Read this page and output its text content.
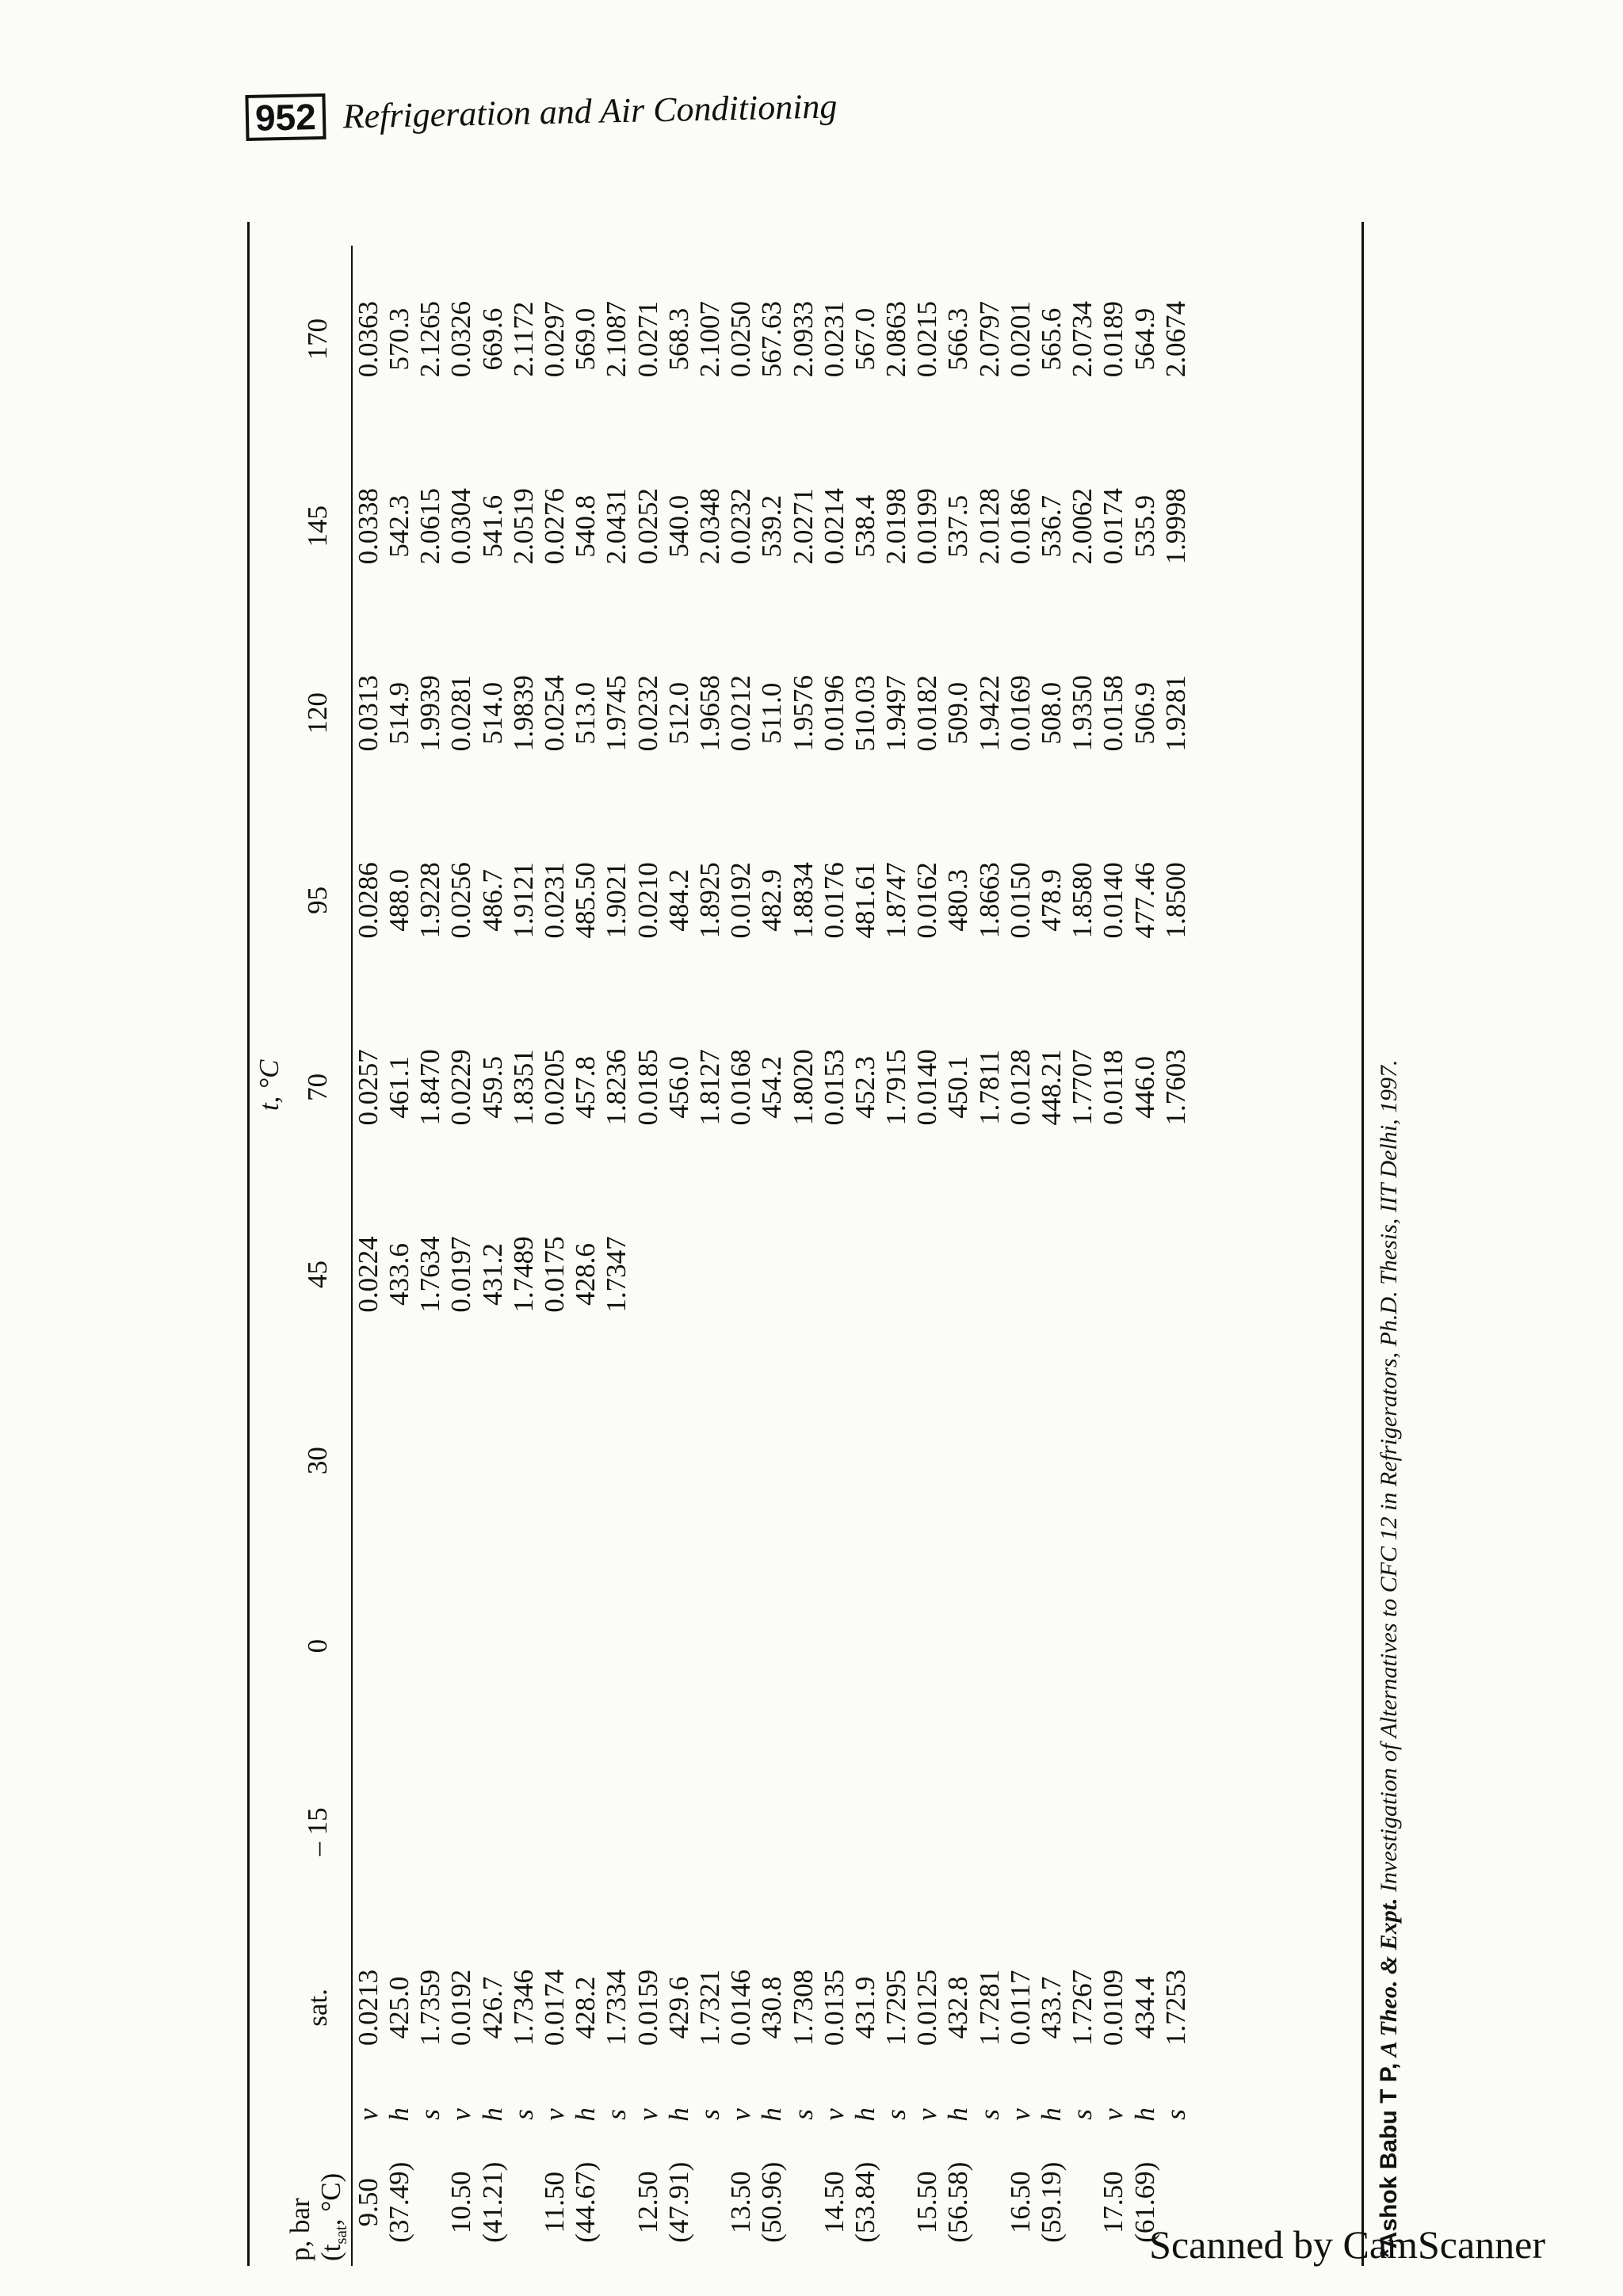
952 Refrigeration and Air Conditioning
			t, °C								
p, bar
($t_{sat}$, °C)		sat.	– 15	0	30	45	70	95	120	145	170
9.50	v	0.0213				0.0224	0.0257	0.0286	0.0313	0.0338	0.0363
(37.49)	h	425.0				433.6	461.1	488.0	514.9	542.3	570.3
	s	1.7359				1.7634	1.8470	1.9228	1.9939	2.0615	2.1265
10.50	v	0.0192				0.0197	0.0229	0.0256	0.0281	0.0304	0.0326
(41.21)	h	426.7				431.2	459.5	486.7	514.0	541.6	669.6
	s	1.7346				1.7489	1.8351	1.9121	1.9839	2.0519	2.1172
11.50	v	0.0174				0.0175	0.0205	0.0231	0.0254	0.0276	0.0297
(44.67)	h	428.2				428.6	457.8	485.50	513.0	540.8	569.0
	s	1.7334				1.7347	1.8236	1.9021	1.9745	2.0431	2.1087
12.50	v	0.0159					0.0185	0.0210	0.0232	0.0252	0.0271
(47.91)	h	429.6					456.0	484.2	512.0	540.0	568.3
	s	1.7321					1.8127	1.8925	1.9658	2.0348	2.1007
13.50	v	0.0146					0.0168	0.0192	0.0212	0.0232	0.0250
(50.96)	h	430.8					454.2	482.9	511.0	539.2	567.63
	s	1.7308					1.8020	1.8834	1.9576	2.0271	2.0933
14.50	v	0.0135					0.0153	0.0176	0.0196	0.0214	0.0231
(53.84)	h	431.9					452.3	481.61	510.03	538.4	567.0
	s	1.7295					1.7915	1.8747	1.9497	2.0198	2.0863
15.50	v	0.0125					0.0140	0.0162	0.0182	0.0199	0.0215
(56.58)	h	432.8					450.1	480.3	509.0	537.5	566.3
	s	1.7281					1.7811	1.8663	1.9422	2.0128	2.0797
16.50	v	0.0117					0.0128	0.0150	0.0169	0.0186	0.0201
(59.19)	h	433.7					448.21	478.9	508.0	536.7	565.6
	s	1.7267					1.7707	1.8580	1.9350	2.0062	2.0734
17.50	v	0.0109					0.0118	0.0140	0.0158	0.0174	0.0189
(61.69)	h	434.4					446.0	477.46	506.9	535.9	564.9
	s	1.7253					1.7603	1.8500	1.9281	1.9998	2.0674
*Ashok Babu T P, A Theo. & Expt. Investigation of Alternatives to CFC 12 in Refrigerators, Ph.D. Thesis, IIT Delhi, 1997.
Scanned by CamScanner
